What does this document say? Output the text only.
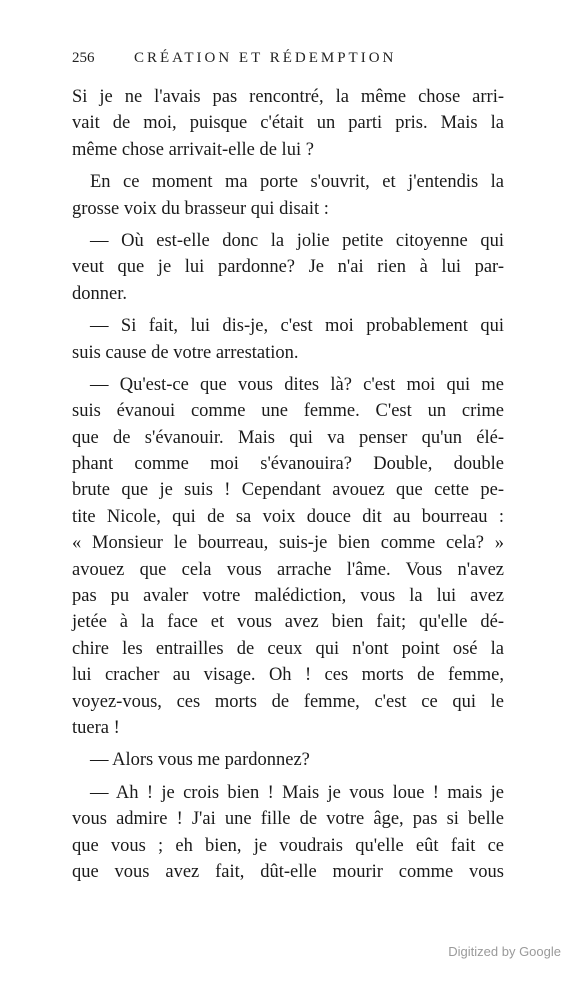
256	CRÉATION ET RÉDEMPTION
Si je ne l'avais pas rencontré, la même chose arri-
vait de moi, puisque c'était un parti pris. Mais la
même chose arrivait-elle de lui ?
En ce moment ma porte s'ouvrit, et j'entendis la
grosse voix du brasseur qui disait :
— Où est-elle donc la jolie petite citoyenne qui
veut que je lui pardonne? Je n'ai rien à lui par-
donner.
— Si fait, lui dis-je, c'est moi probablement qui
suis cause de votre arrestation.
— Qu'est-ce que vous dites là? c'est moi qui me
suis évanoui comme une femme. C'est un crime
que de s'évanouir. Mais qui va penser qu'un élé-
phant comme moi s'évanouira? Double, double
brute que je suis ! Cependant avouez que cette pe-
tite Nicole, qui de sa voix douce dit au bourreau :
« Monsieur le bourreau, suis-je bien comme cela? »
avouez que cela vous arrache l'âme. Vous n'avez
pas pu avaler votre malédiction, vous la lui avez
jetée à la face et vous avez bien fait; qu'elle dé-
chire les entrailles de ceux qui n'ont point osé la
lui cracher au visage. Oh ! ces morts de femme,
voyez-vous, ces morts de femme, c'est ce qui le
tuera !
— Alors vous me pardonnez?
— Ah ! je crois bien ! Mais je vous loue ! mais je
vous admire ! J'ai une fille de votre âge, pas si belle
que vous ; eh bien, je voudrais qu'elle eût fait ce
que vous avez fait, dût-elle mourir comme vous
Digitized by Google
